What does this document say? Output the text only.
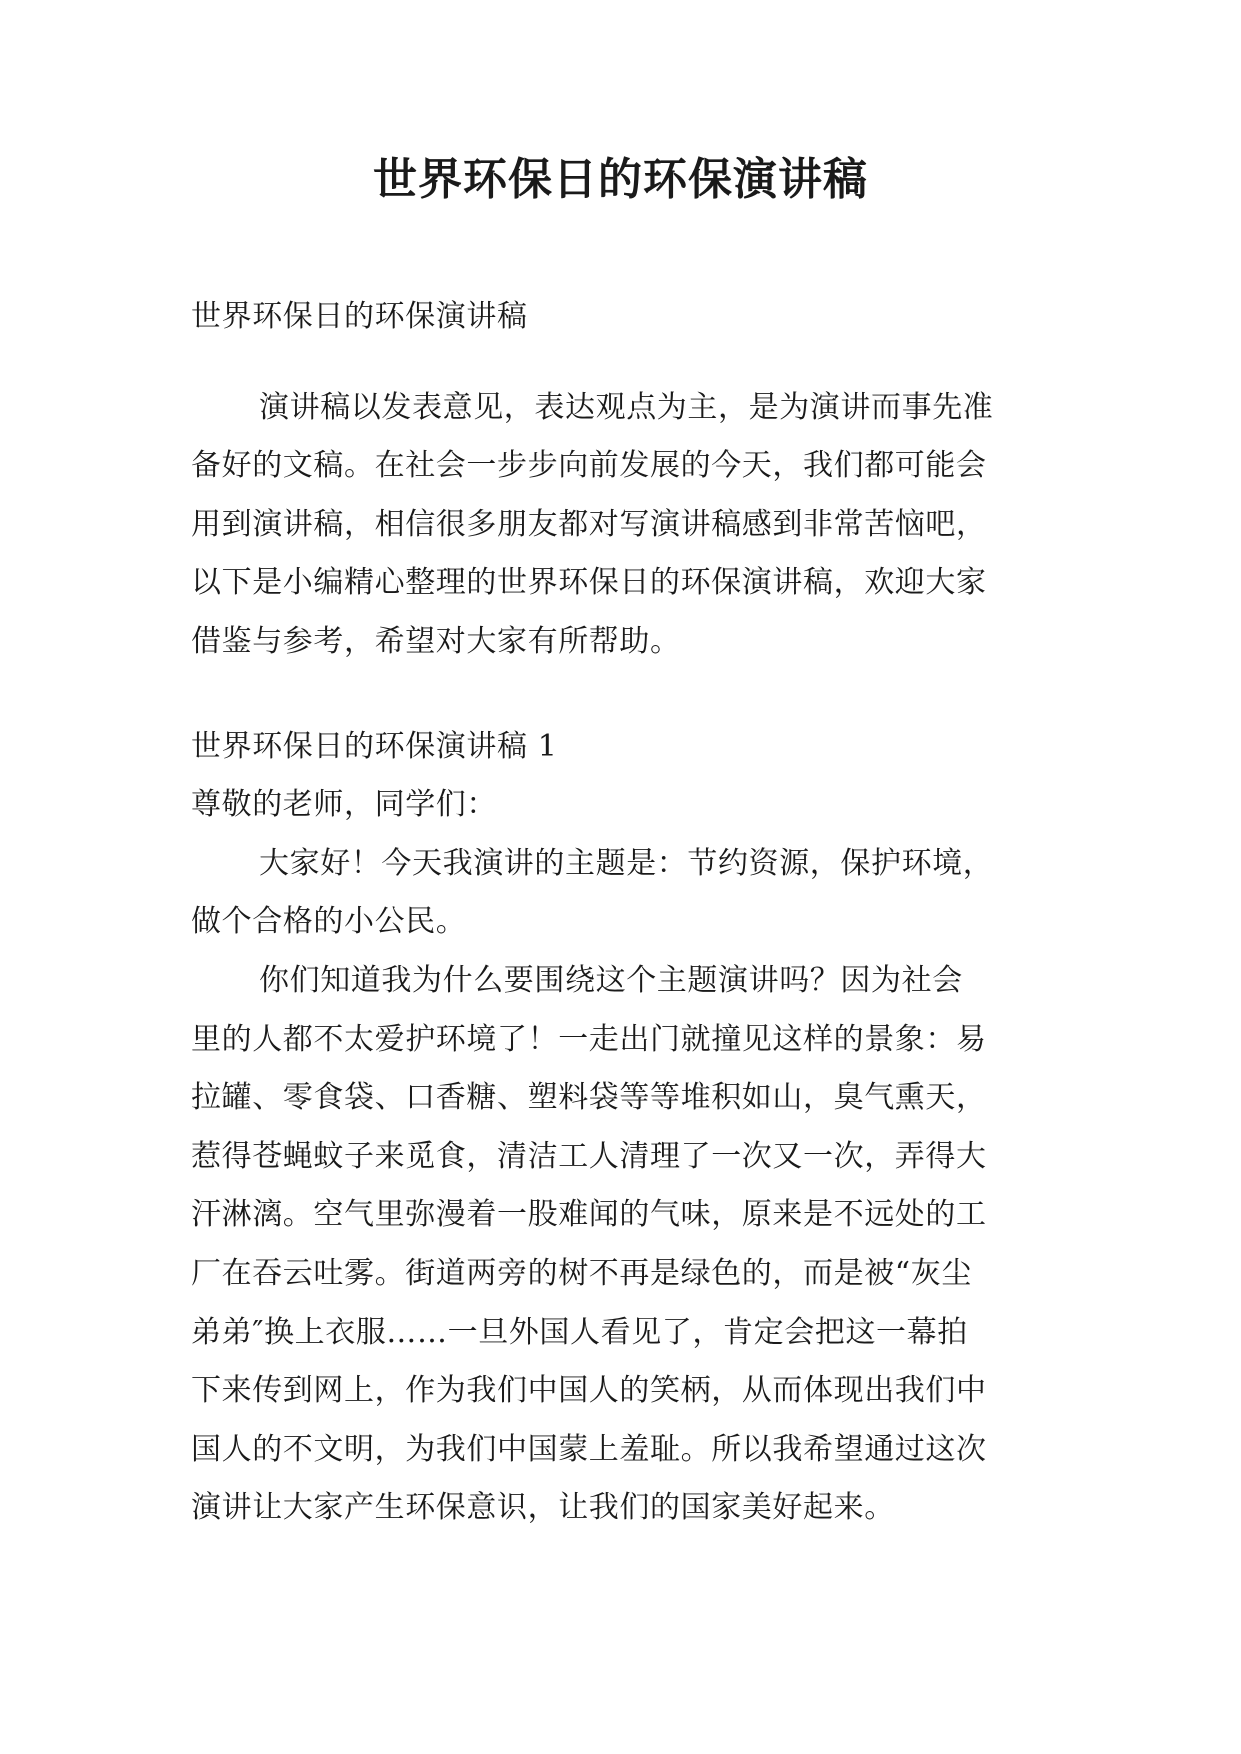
世界环保日的环保演讲稿
世界环保日的环保演讲稿
演讲稿以发表意见，表达观点为主，是为演讲而事先准
备好的文稿。在社会一步步向前发展的今天，我们都可能会
用到演讲稿，相信很多朋友都对写演讲稿感到非常苦恼吧，
以下是小编精心整理的世界环保日的环保演讲稿，欢迎大家
借鉴与参考，希望对大家有所帮助。
世界环保日的环保演讲稿 1
尊敬的老师，同学们：
大家好！今天我演讲的主题是：节约资源，保护环境，
做个合格的小公民。
你们知道我为什么要围绕这个主题演讲吗？因为社会
里的人都不太爱护环境了！一走出门就撞见这样的景象：易
拉罐、零食袋、口香糖、塑料袋等等堆积如山，臭气熏天，
惹得苍蝇蚊子来觅食，清洁工人清理了一次又一次，弄得大
汗淋漓。空气里弥漫着一股难闻的气味，原来是不远处的工
厂在吞云吐雾。街道两旁的树不再是绿色的，而是被“灰尘
弟弟″换上衣服……一旦外国人看见了，肯定会把这一幕拍
下来传到网上，作为我们中国人的笑柄，从而体现出我们中
国人的不文明，为我们中国蒙上羞耻。所以我希望通过这次
演讲让大家产生环保意识，让我们的国家美好起来。
